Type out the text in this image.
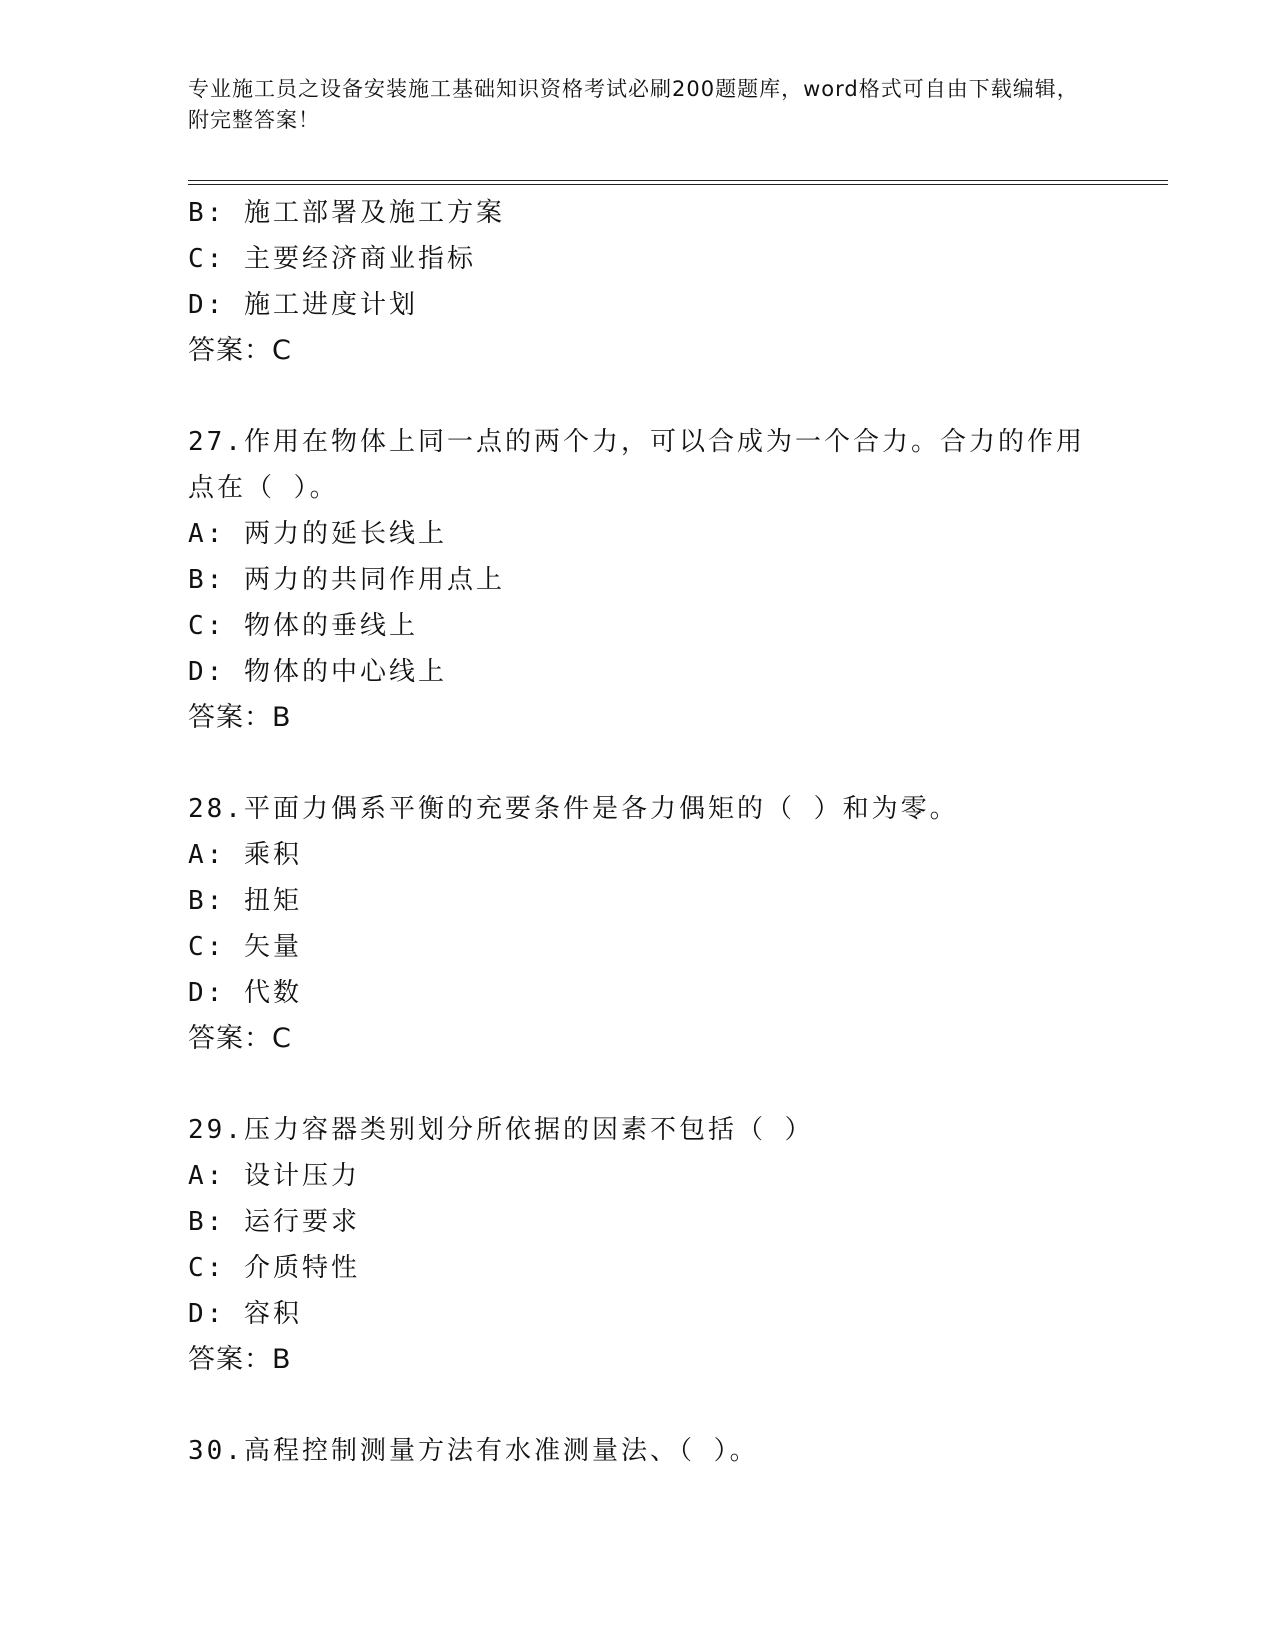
专业施工员之设备安装施工基础知识资格考试必刷200题题库，word格式可自由下载编辑，附完整答案！
B: 施工部署及施工方案
C: 主要经济商业指标
D: 施工进度计划
答案：C
27.作用在物体上同一点的两个力，可以合成为一个合力。合力的作用
点在（ ）。
A: 两力的延长线上
B: 两力的共同作用点上
C: 物体的垂线上
D: 物体的中心线上
答案：B
28.平面力偶系平衡的充要条件是各力偶矩的（ ）和为零。
A: 乘积
B: 扭矩
C: 矢量
D: 代数
答案：C
29.压力容器类别划分所依据的因素不包括（ ）
A: 设计压力
B: 运行要求
C: 介质特性
D: 容积
答案：B
30.高程控制测量方法有水准测量法、（ ）。
